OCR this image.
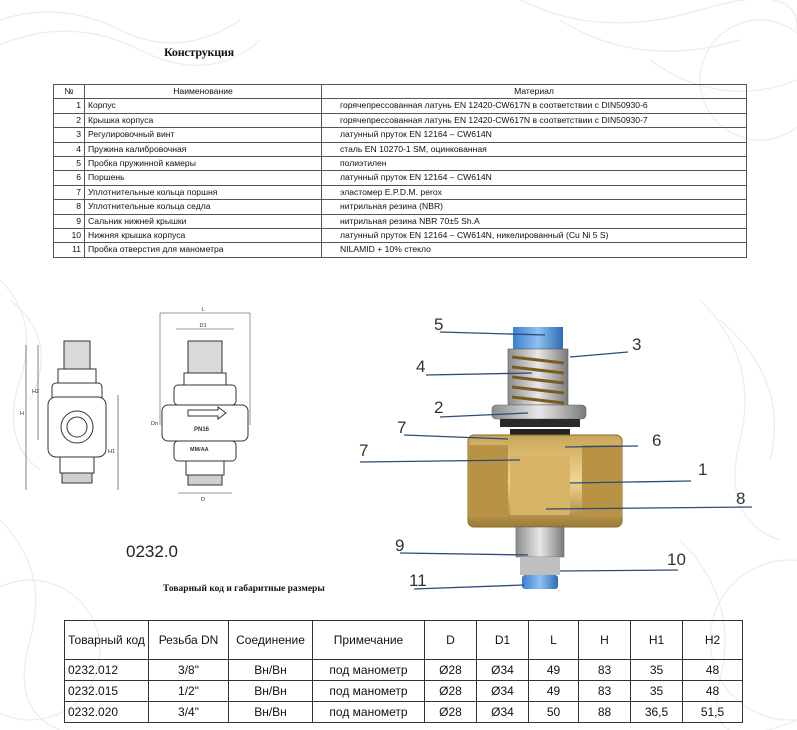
Конструкция
№	Наименование	Материал
1	Корпус	горячепрессованная латунь EN 12420-CW617N в соответствии с DIN50930-6
2	Крышка корпуса	горячепрессованная латунь EN 12420-CW617N в соответствии с DIN50930-7
3	Регулировочный винт	латунный пруток EN 12164 – CW614N
4	Пружина калибровочная	сталь EN 10270-1 SM, оцинкованная
5	Пробка пружинной камеры	полиэтилен
6	Поршень	латунный пруток EN 12164 – CW614N
7	Уплотнительные кольца поршня	эластомер E.P.D.M. perox
8	Уплотнительные кольца седла	нитрильная резина (NBR)
9	Сальник нижней крышки	нитрильная резина NBR 70±5 Sh.A
10	Нижняя крышка корпуса	латунный пруток EN 12164 – CW614N, никелированный (Cu Ni 5 S)
11	Пробка отверстия для манометра	NILAMID + 10% стекло
H
H2
H1
L
D1
D
Dn
PN16
MM/AA
0232.0
5
3
4
2
7
6
7
1
8
9
10
11
Товарный код и габаритные размеры
Товарный код	Резьба DN	Соединение	Примечание	D	D1	L	H	H1	H2
0232.012	3/8"	Вн/Вн	под манометр	Ø28	Ø34	49	83	35	48
0232.015	1/2"	Вн/Вн	под манометр	Ø28	Ø34	49	83	35	48
0232.020	3/4"	Вн/Вн	под манометр	Ø28	Ø34	50	88	36,5	51,5
